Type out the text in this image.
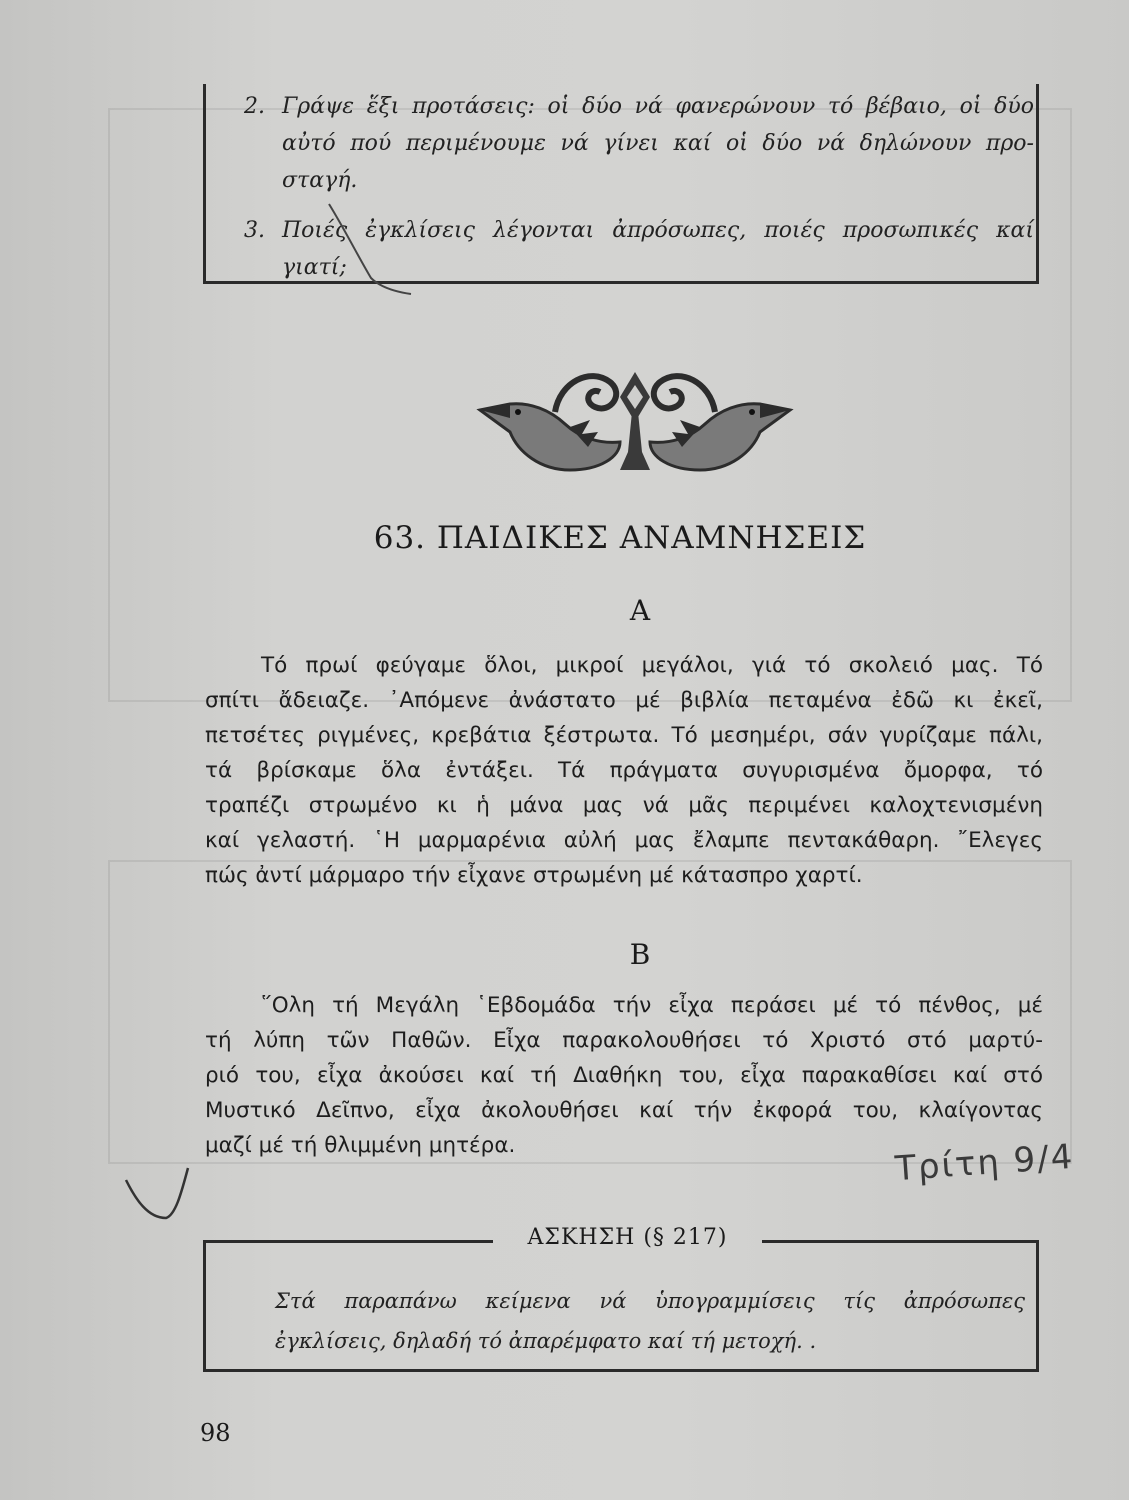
2. Γράψε ἕξι προτάσεις: οἱ δύο νά φανερώνουν τό βέβαιο, οἱ δύο
αὐτό πού περιμένουμε νά γίνει καί οἱ δύο νά δηλώνουν προ-
σταγή.
3. Ποιές ἐγκλίσεις λέγονται ἀπρόσωπες, ποιές προσωπικές καί
γιατί;
63. ΠΑΙΔΙΚΕΣ ΑΝΑΜΝΗΣΕΙΣ
Α
Τό πρωί φεύγαμε ὅλοι, μικροί μεγάλοι, γιά τό σκολειό μας. Τό
σπίτι ἄδειαζε. ᾿Απόμενε ἀνάστατο μέ βιβλία πεταμένα ἐδῶ κι ἐκεῖ,
πετσέτες ριγμένες, κρεβάτια ξέστρωτα. Τό μεσημέρι, σάν γυρίζαμε πάλι,
τά βρίσκαμε ὅλα ἐντάξει. Τά πράγματα συγυρισμένα ὄμορφα, τό
τραπέζι στρωμένο κι ἡ μάνα μας νά μᾶς περιμένει καλοχτενισμένη
καί γελαστή. ῾Η μαρμαρένια αὐλή μας ἔλαμπε πεντακάθαρη. ῎Ελεγες
πώς ἀντί μάρμαρο τήν εἶχανε στρωμένη μέ κάτασπρο χαρτί.
Β
῞Ολη τή Μεγάλη ῾Εβδομάδα τήν εἶχα περάσει μέ τό πένθος, μέ
τή λύπη τῶν Παθῶν. Εἶχα παρακολουθήσει τό Χριστό στό μαρτύ-
ριό του, εἶχα ἀκούσει καί τή Διαθήκη του, εἶχα παρακαθίσει καί στό
Μυστικό Δεῖπνο, εἶχα ἀκολουθήσει καί τήν ἐκφορά του, κλαίγοντας
μαζί μέ τή θλιμμένη μητέρα.	Τρίτη 9/4
ΑΣΚΗΣΗ (§ 217)
Στά παραπάνω κείμενα νά ὑπογραμμίσεις τίς ἀπρόσωπες
ἐγκλίσεις, δηλαδή τό ἀπαρέμφατο καί τή μετοχή. .
98
